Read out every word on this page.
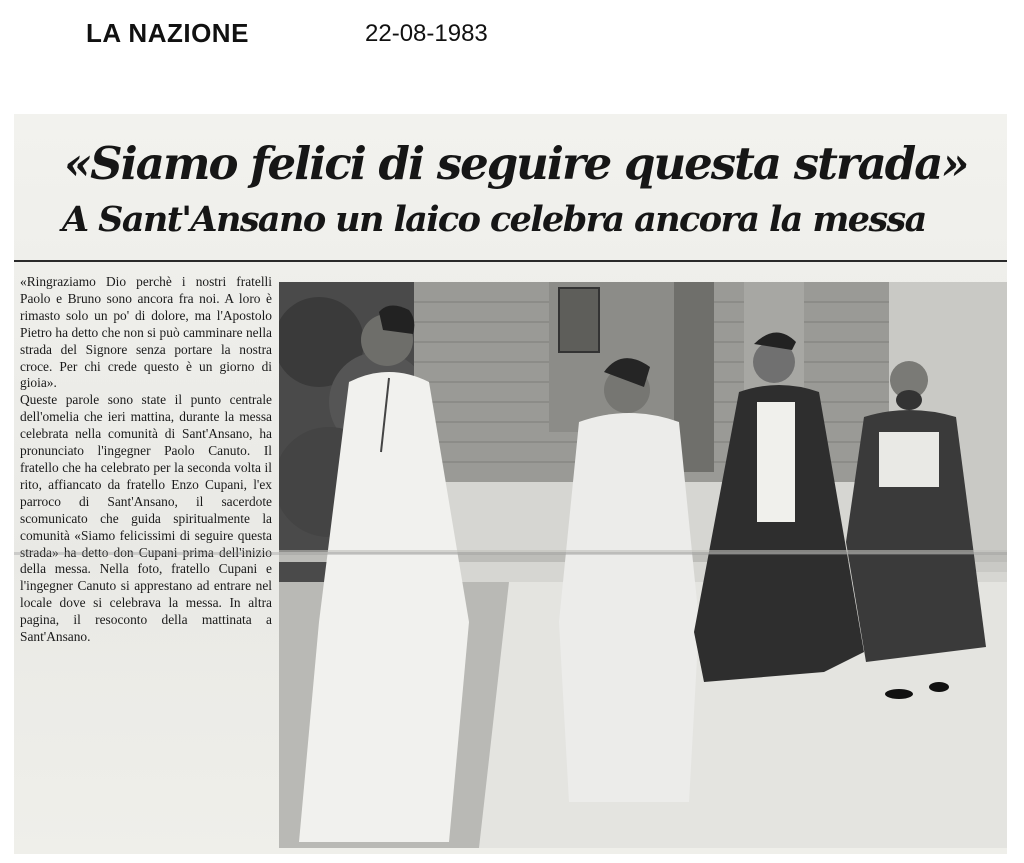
LA NAZIONE	22-08-1983
«Siamo felici di seguire questa strada»
A Sant'Ansano un laico celebra ancora la messa

«Ringraziamo Dio perchè i nostri fratelli Paolo e Bruno sono ancora fra noi. A loro è rimasto solo un po' di dolore, ma l'Apostolo Pietro ha detto che non si può camminare nella strada del Signore senza portare la nostra croce. Per chi crede questo è un giorno di gioia».

Queste parole sono state il punto centrale dell'omelia che ieri mattina, durante la messa celebrata nella comunità di Sant'Ansano, ha pronunciato l'ingegner Paolo Canuto. Il fratello che ha celebrato per la seconda volta il rito, affiancato da fratello Enzo Cupani, l'ex parroco di Sant'Ansano, il sacerdote scomunicato che guida spiritualmente la comunità «Siamo felicissimi di seguire questa strada» ha detto don Cupani prima dell'inizio della messa. Nella foto, fratello Cupani e l'ingegner Canuto si apprestano ad entrare nel locale dove si celebrava la messa. In altra pagina, il resoconto della mattinata a Sant'Ansano.
